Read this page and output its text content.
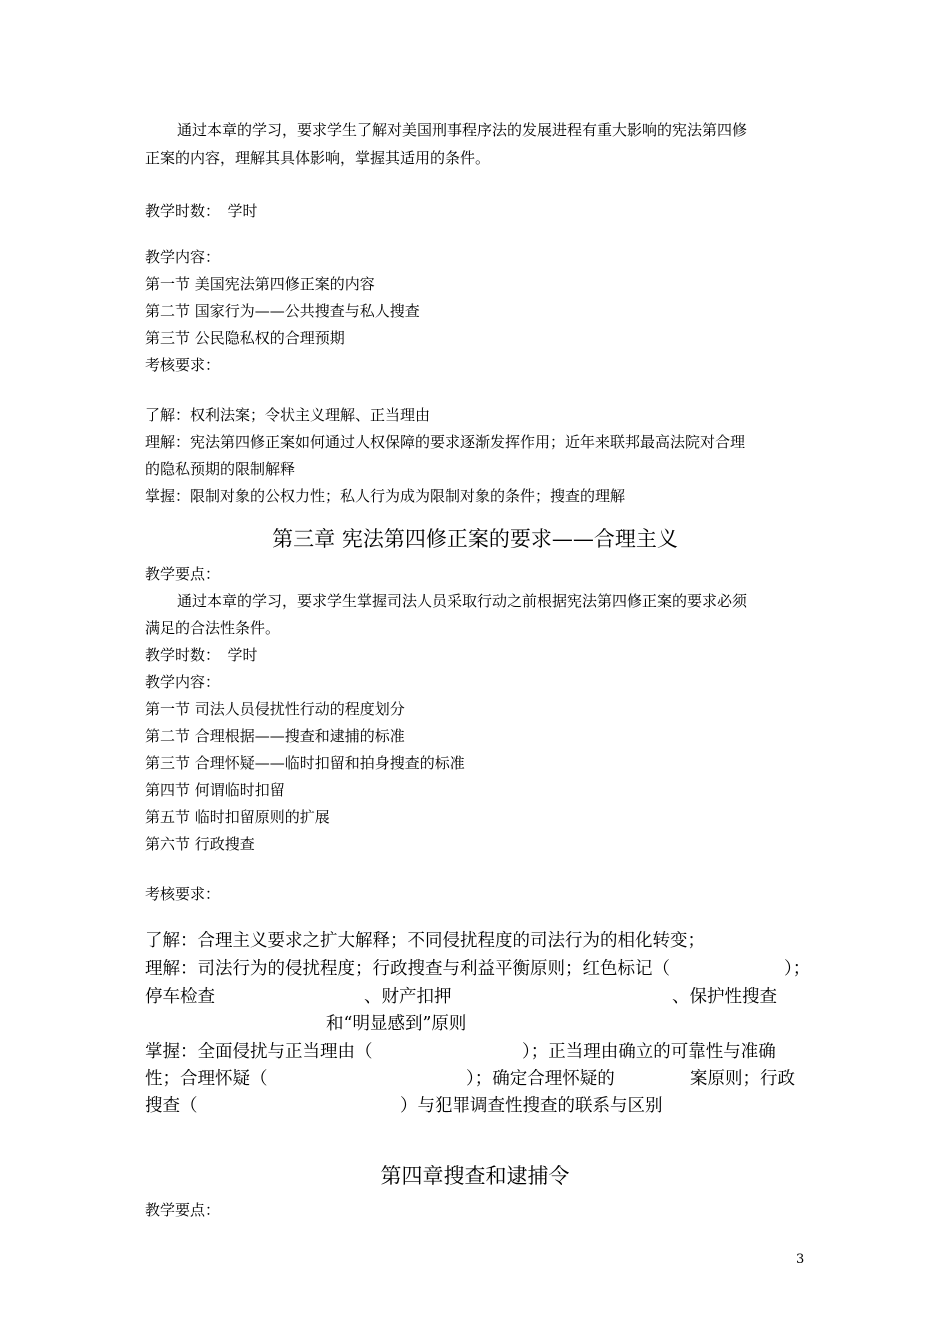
通过本章的学习，要求学生了解对美国刑事程序法的发展进程有重大影响的宪法第四修
正案的内容，理解其具体影响，掌握其适用的条件。
教学时数：　学时
教学内容：
第一节 美国宪法第四修正案的内容
第二节 国家行为——公共搜查与私人搜查
第三节 公民隐私权的合理预期
考核要求：
了解：权利法案；令状主义理解、正当理由
理解：宪法第四修正案如何通过人权保障的要求逐渐发挥作用；近年来联邦最高法院对合理
的隐私预期的限制解释
掌握：限制对象的公权力性；私人行为成为限制对象的条件；搜查的理解
第三章 宪法第四修正案的要求——合理主义
教学要点：
通过本章的学习，要求学生掌握司法人员采取行动之前根据宪法第四修正案的要求必须
满足的合法性条件。
教学时数：　学时
教学内容：
第一节 司法人员侵扰性行动的程度划分
第二节 合理根据——搜查和逮捕的标准
第三节 合理怀疑——临时扣留和拍身搜查的标准
第四节 何谓临时扣留
第五节 临时扣留原则的扩展
第六节 行政搜查
考核要求：
了解：合理主义要求之扩大解释；不同侵扰程度的司法行为的相化转变；
理解：司法行为的侵扰程度；行政搜查与利益平衡原则；红色标记（	）；
停车检查	、财产扣押	、保护性搜查
和“明显感到”原则
掌握：全面侵扰与正当理由（	）；正当理由确立的可靠性与准确
性；合理怀疑（	）；确定合理怀疑的	案原则；行政
搜查（	）与犯罪调查性搜查的联系与区别
第四章搜查和逮捕令
教学要点：
3
